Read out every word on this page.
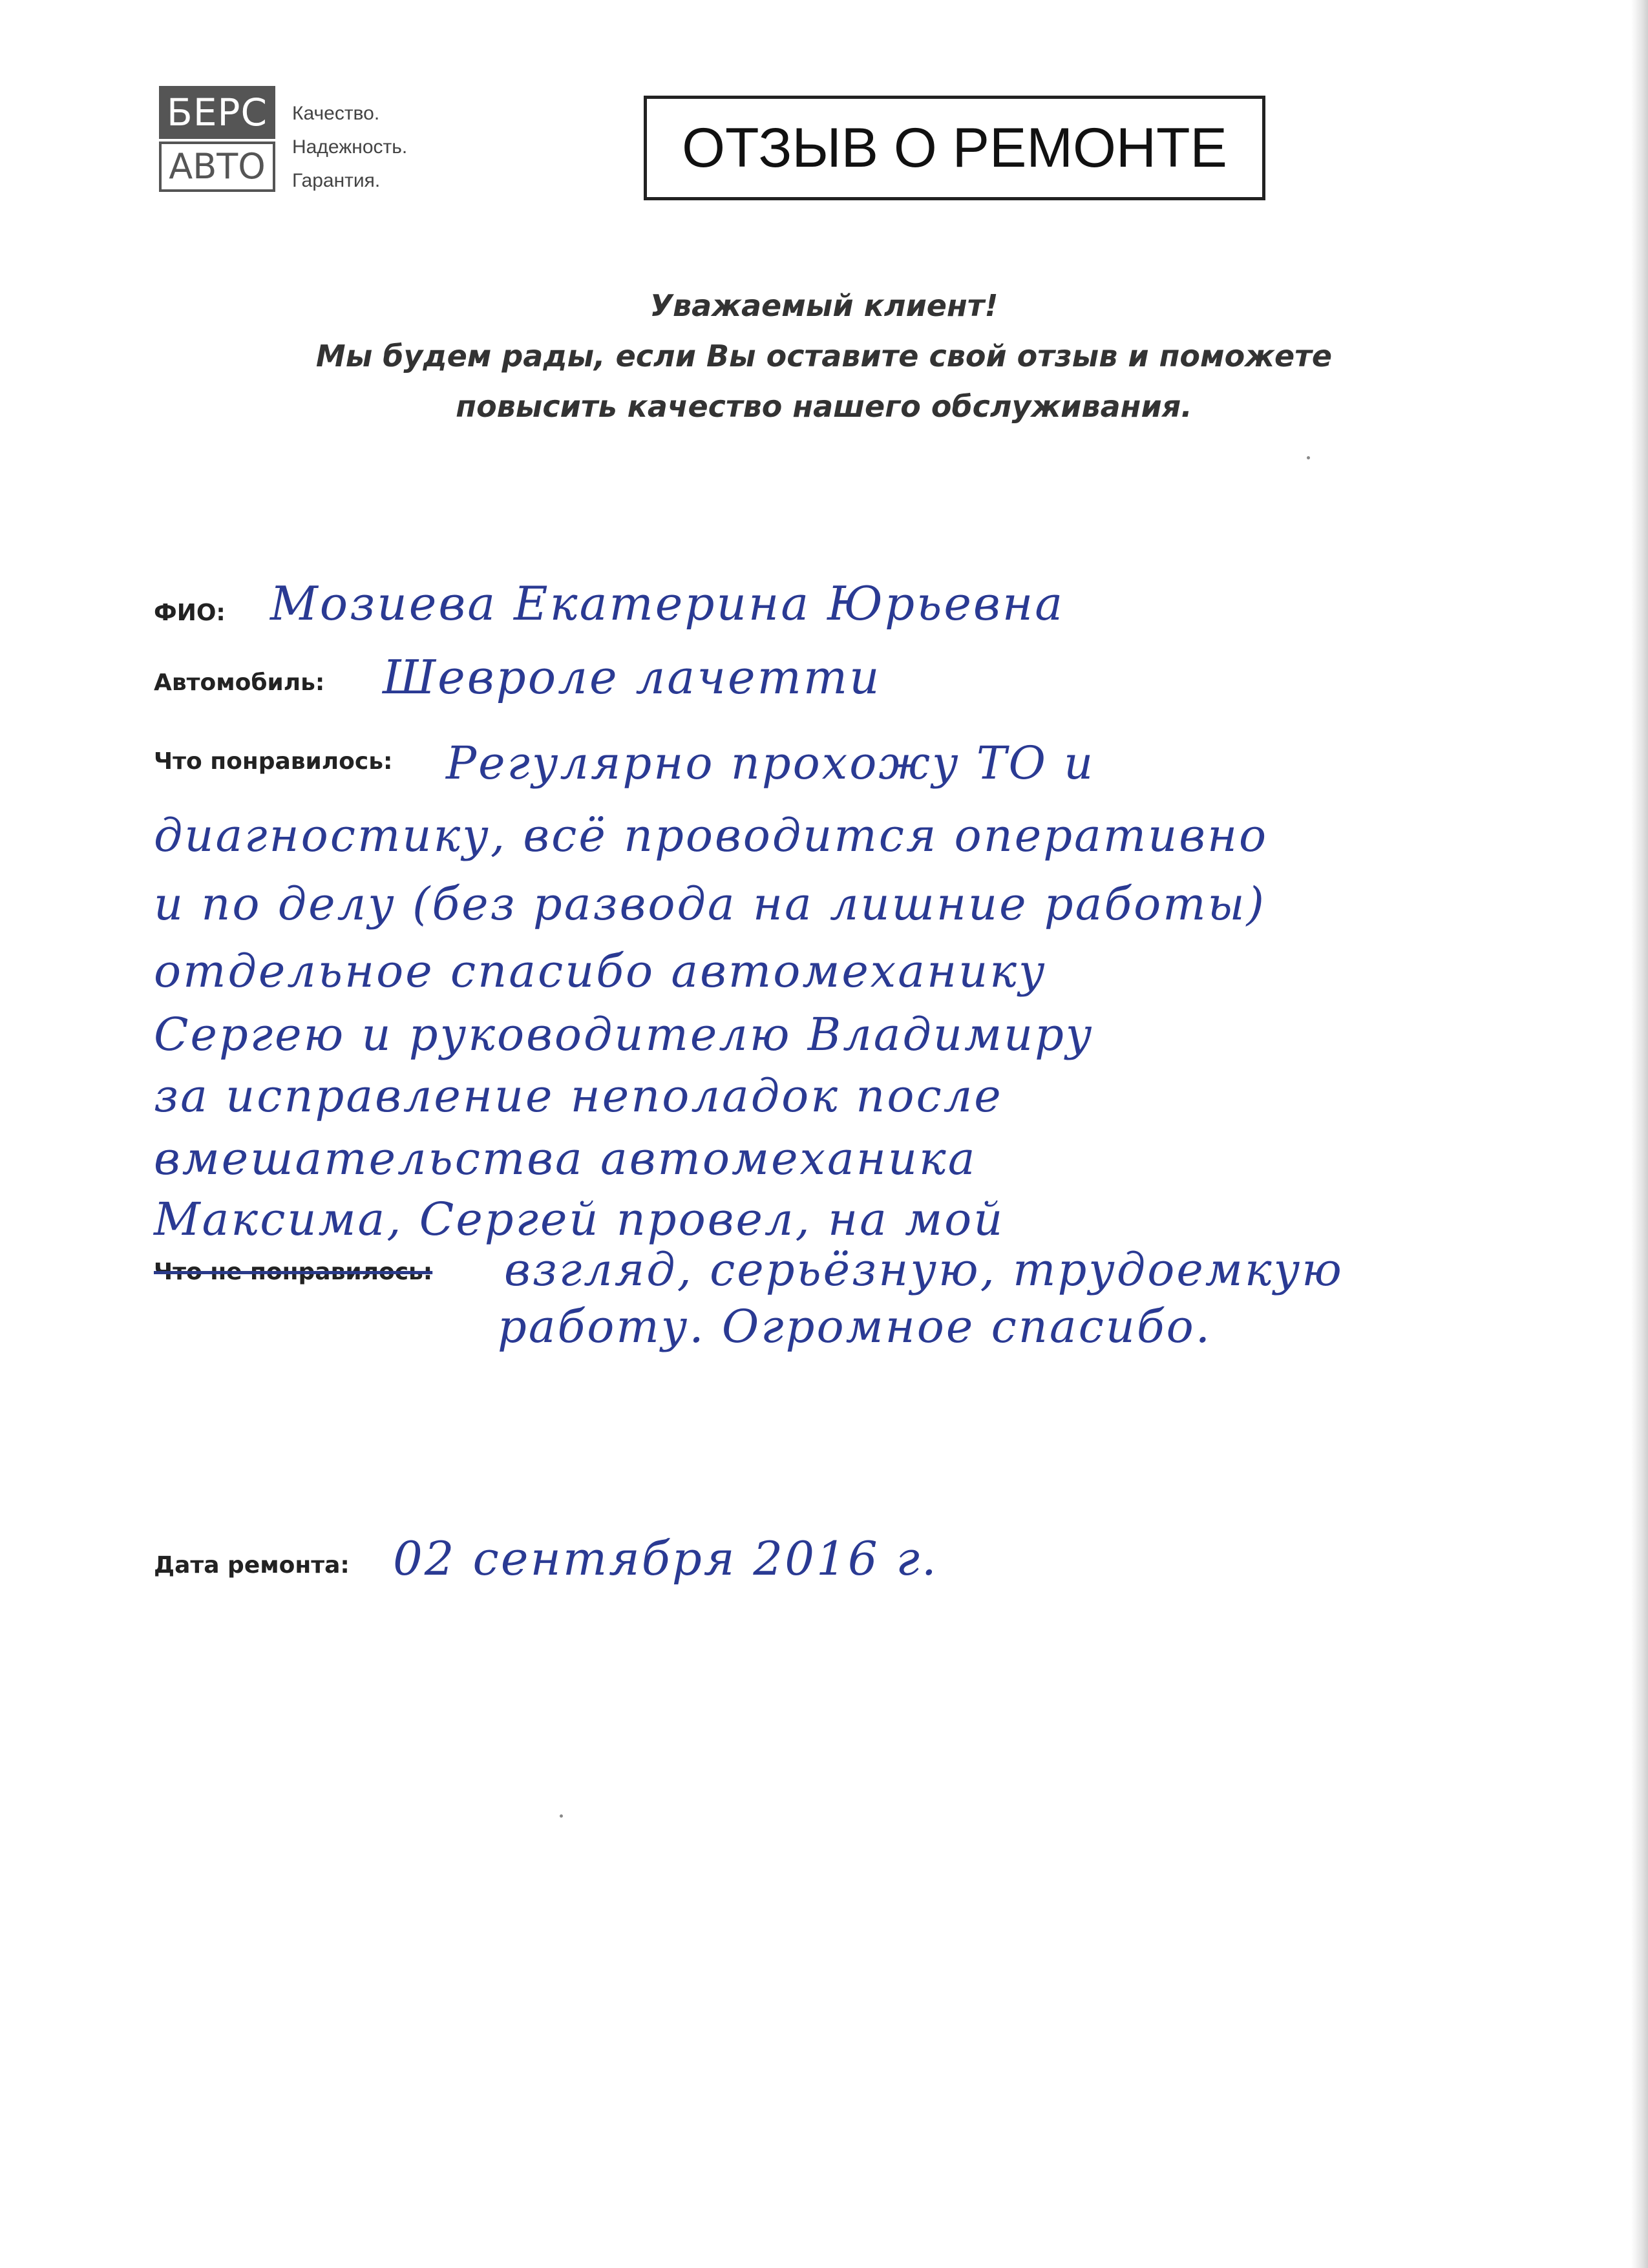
БЕРС
АВТО
Качество.
Надежность.
Гарантия.
ОТЗЫВ О РЕМОНТЕ
Уважаемый клиент!
Мы будем рады, если Вы оставите свой отзыв и поможете
повысить качество нашего обслуживания.
ФИО: Мозиева Екатерина Юрьевна
Автомобиль: Шевроле лачетти
Что понравилось: Регулярно прохожу ТО и
диагностику, всё проводится оперативно
и по делу (без развода на лишние работы)
отдельное спасибо автомеханику
Сергею и руководителю Владимиру
за исправление неполадок после
вмешательства автомеханика
Максима, Сергей провел, на мой
взгляд, серьёзную, трудоемкую
работу. Огромное спасибо.
Что не понравилось:
Дата ремонта: 02 сентября 2016 г.
